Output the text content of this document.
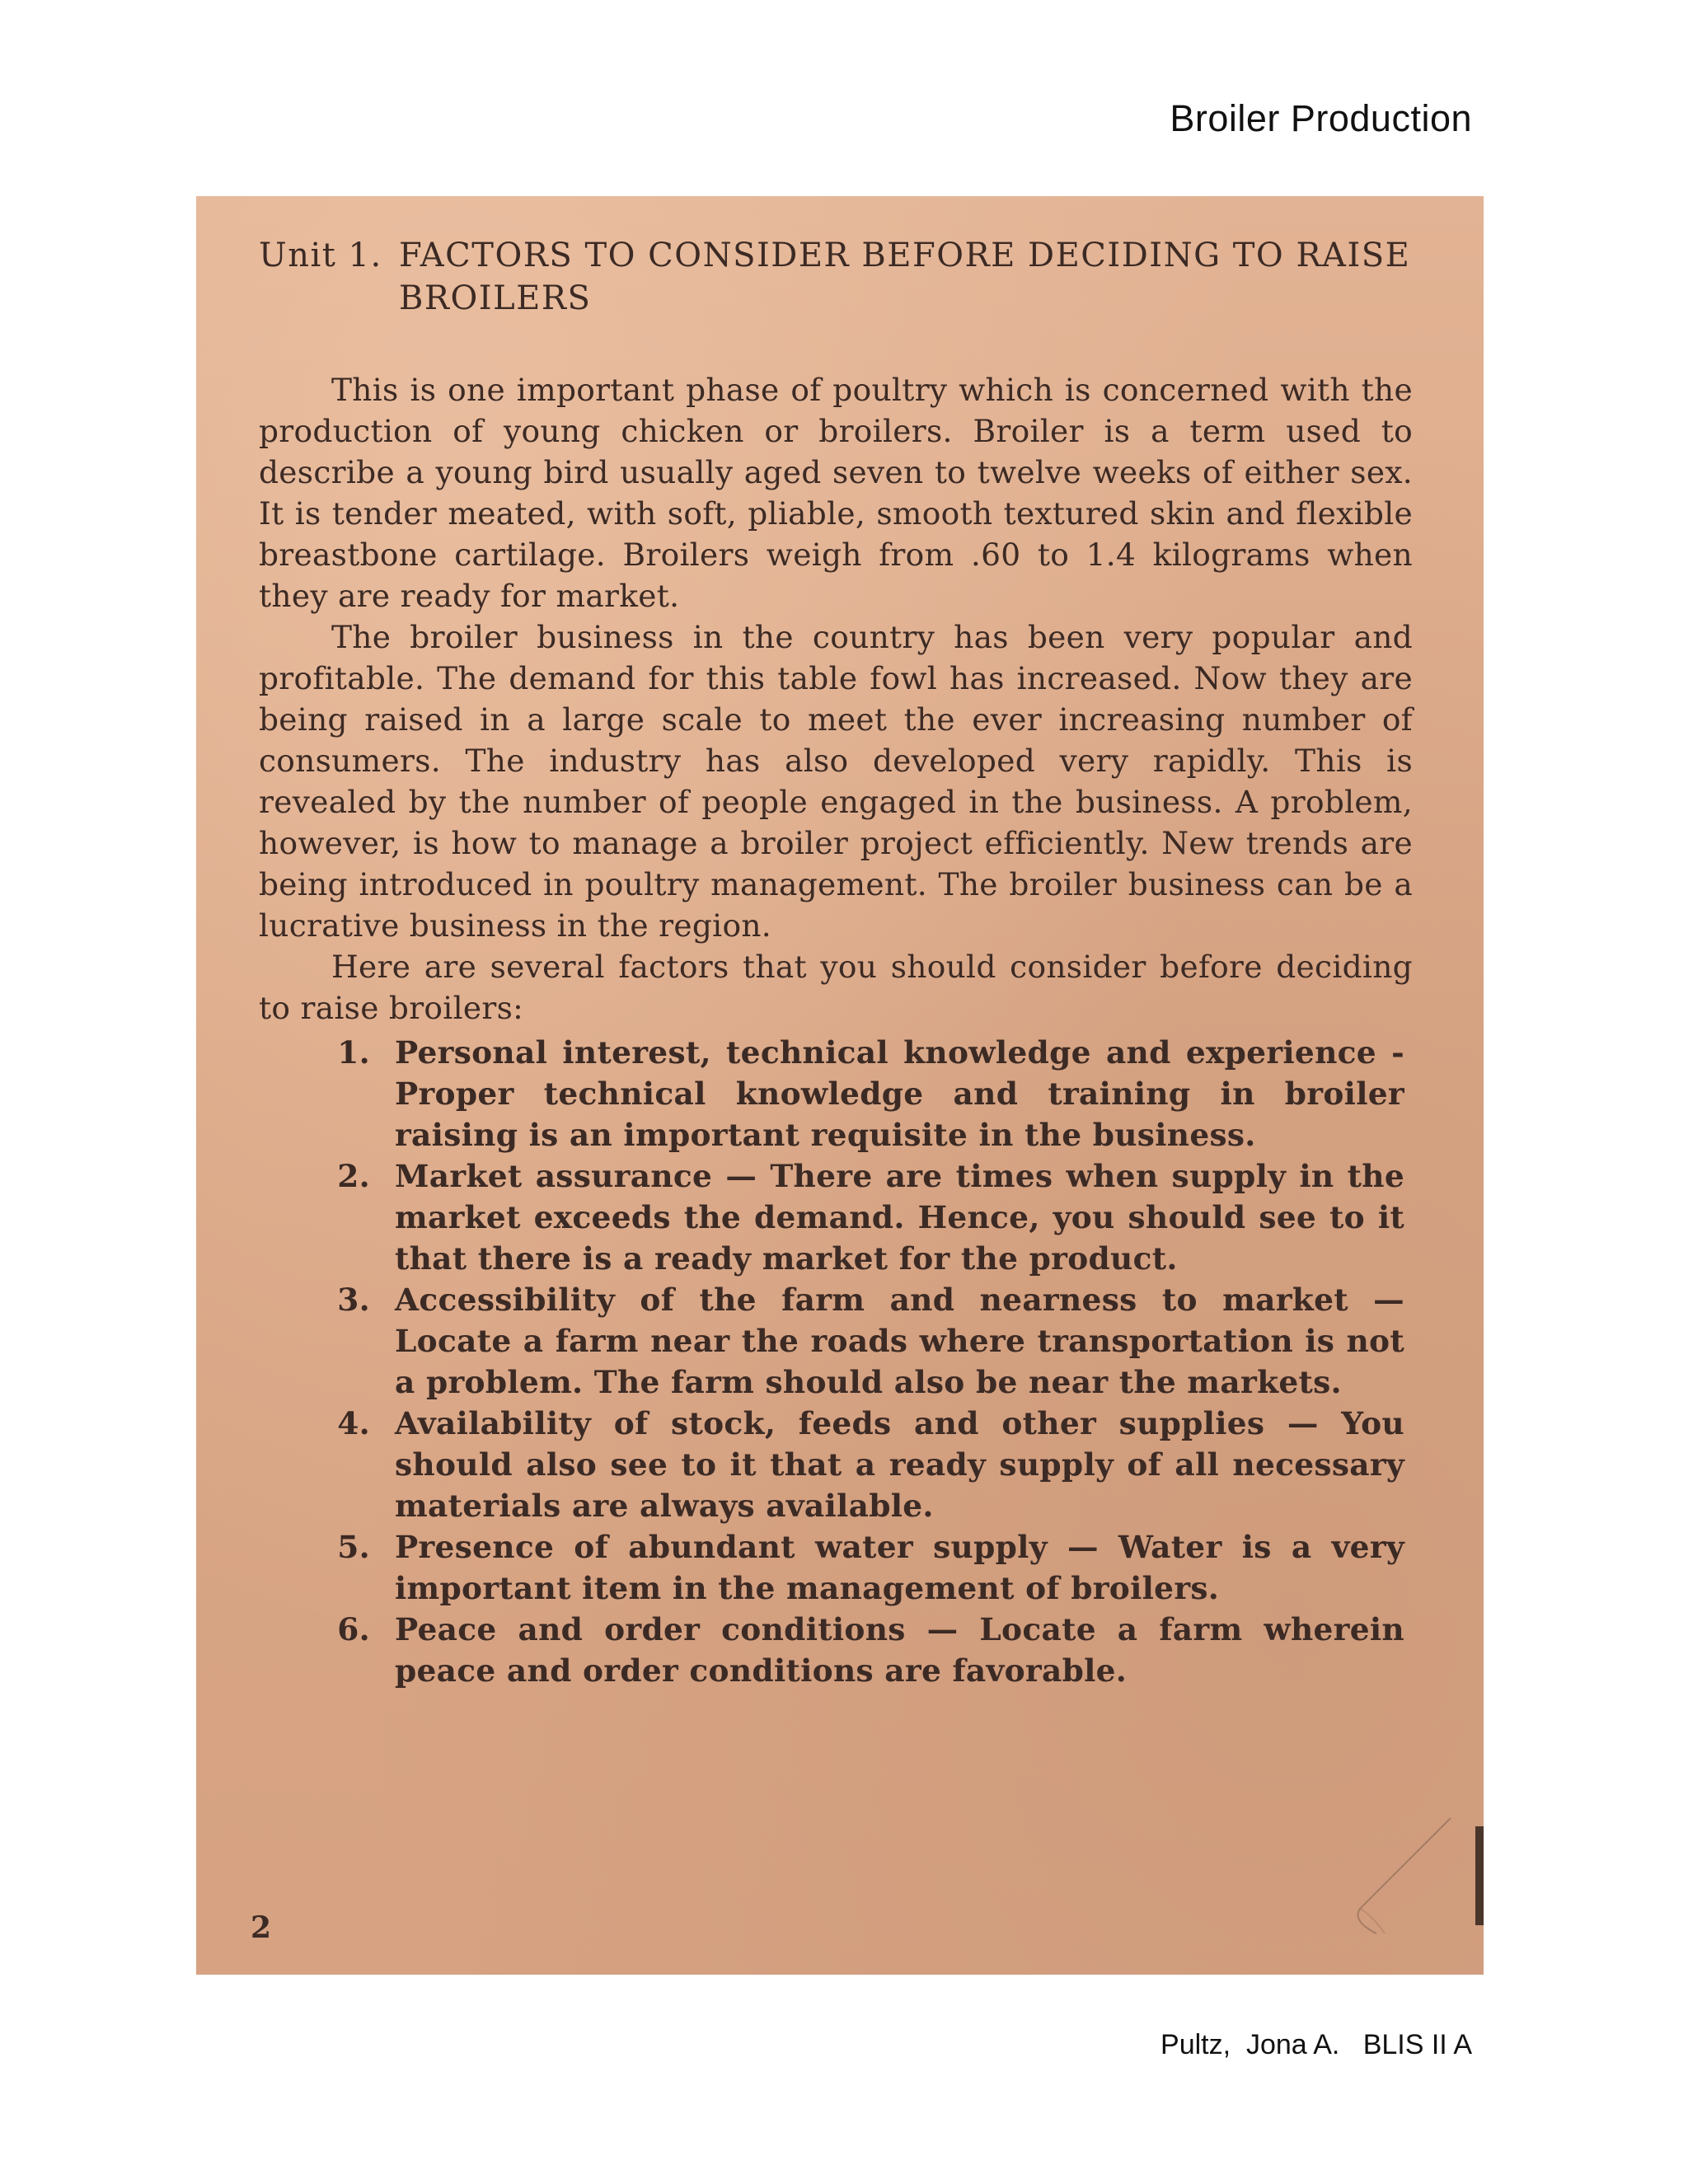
Broiler Production
Unit 1. FACTORS TO CONSIDER BEFORE DECIDING TO RAISE BROILERS

This is one important phase of poultry which is concerned with the production of young chicken or broilers. Broiler is a term used to describe a young bird usually aged seven to twelve weeks of either sex. It is tender meated, with soft, pliable, smooth textured skin and flexible breastbone cartilage. Broilers weigh from .60 to 1.4 kilograms when they are ready for market.

The broiler business in the country has been very popular and profitable. The demand for this table fowl has increased. Now they are being raised in a large scale to meet the ever increasing number of consumers. The industry has also developed very rapidly. This is revealed by the number of people engaged in the business. A problem, however, is how to manage a broiler project efficiently. New trends are being introduced in poultry management. The broiler business can be a lucrative business in the region.

Here are several factors that you should consider before deciding to raise broilers:

1. Personal interest, technical knowledge and experience - Proper technical knowledge and training in broiler raising is an important requisite in the business.
2. Market assurance — There are times when supply in the market exceeds the demand. Hence, you should see to it that there is a ready market for the product.
3. Accessibility of the farm and nearness to market — Locate a farm near the roads where transportation is not a problem. The farm should also be near the markets.
4. Availability of stock, feeds and other supplies — You should also see to it that a ready supply of all necessary materials are always available.
5. Presence of abundant water supply — Water is a very important item in the management of broilers.
6. Peace and order conditions — Locate a farm wherein peace and order conditions are favorable.
2
Pultz,  Jona A.   BLIS II A
